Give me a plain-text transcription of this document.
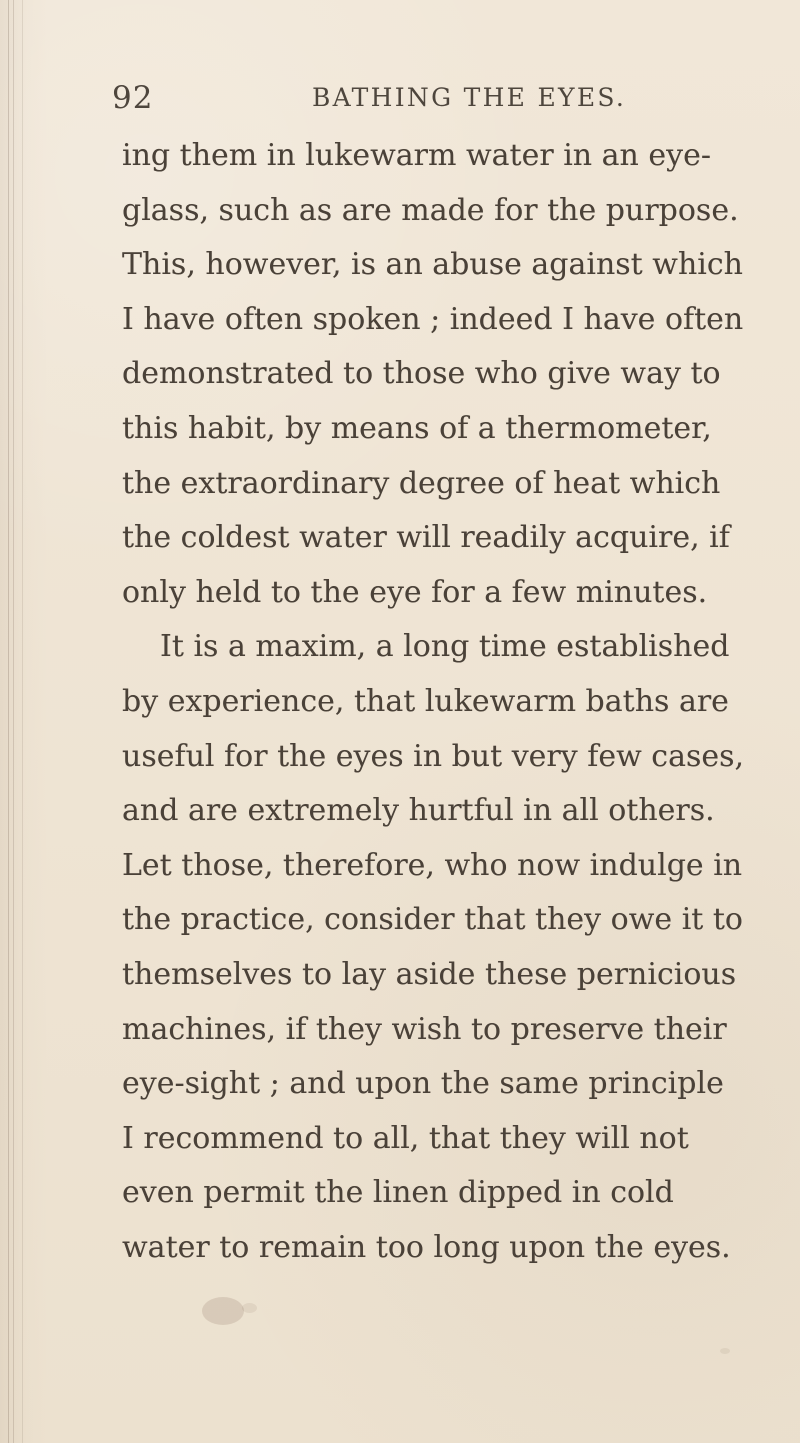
92	BATHING THE EYES.
ing them in lukewarm water in an eye-
glass, such as are made for the purpose.
This, however, is an abuse against which
I have often spoken ; indeed I have often
demonstrated to those who give way to
this habit, by means of a thermometer,
the extraordinary degree of heat which
the coldest water will readily acquire, if
only held to the eye for a few minutes.
It is a maxim, a long time established
by experience, that lukewarm baths are
useful for the eyes in but very few cases,
and are extremely hurtful in all others.
Let those, therefore, who now indulge in
the practice, consider that they owe it to
themselves to lay aside these pernicious
machines, if they wish to preserve their
eye-sight ; and upon the same principle
I recommend to all, that they will not
even permit the linen dipped in cold
water to remain too long upon the eyes.
